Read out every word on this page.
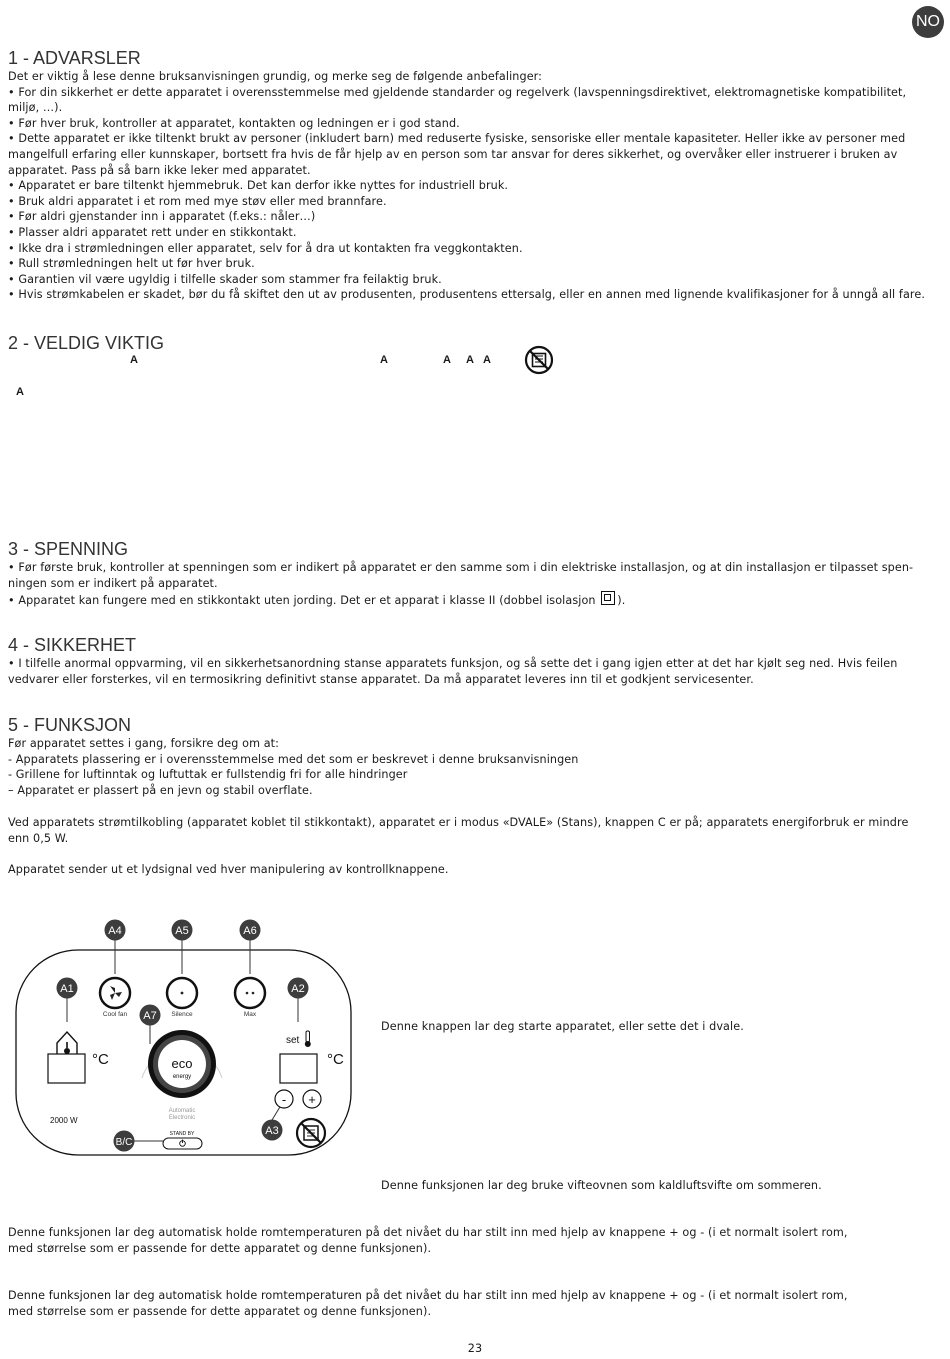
NO
1 - ADVARSLER
Det er viktig å lese denne bruksanvisningen grundig, og merke seg de følgende anbefalinger:
• For din sikkerhet er dette apparatet i overensstemmelse med gjeldende standarder og regelverk (lavspenningsdirektivet, elektromagnetiske kompatibilitet,
miljø, …).
• Før hver bruk, kontroller at apparatet, kontakten og ledningen er i god stand.
• Dette apparatet er ikke tiltenkt brukt av personer (inkludert barn) med reduserte fysiske, sensoriske eller mentale kapasiteter. Heller ikke av personer med
mangelfull erfaring eller kunnskaper, bortsett fra hvis de får hjelp av en person som tar ansvar for deres sikkerhet, og overvåker eller instruerer i bruken av
apparatet. Pass på så barn ikke leker med apparatet.
• Apparatet er bare tiltenkt hjemmebruk. Det kan derfor ikke nyttes for industriell bruk.
• Bruk aldri apparatet i et rom med mye støv eller med brannfare.
• Før aldri gjenstander inn i apparatet (f.eks.: nåler…)
• Plasser aldri apparatet rett under en stikkontakt.
• Ikke dra i strømledningen eller apparatet, selv for å dra ut kontakten fra veggkontakten.
• Rull strømledningen helt ut før hver bruk.
• Garantien vil være ugyldig i tilfelle skader som stammer fra feilaktig bruk.
• Hvis strømkabelen er skadet, bør du få skiftet den ut av produsenten, produsentens ettersalg, eller en annen med lignende kvalifikasjoner for å unngå all fare.
2 - VELDIG VIKTIG
A	A	A A A
A
3 - SPENNING
• Før første bruk, kontroller at spenningen som er indikert på apparatet er den samme som i din elektriske installasjon, og at din installasjon er tilpasset spen-
ningen som er indikert på apparatet.
• Apparatet kan fungere med en stikkontakt uten jording. Det er et apparat i klasse II (dobbel isolasjon
).
4 - SIKKERHET
• I tilfelle anormal oppvarming, vil en sikkerhetsanordning stanse apparatets funksjon, og så sette det i gang igjen etter at det har kjølt seg ned. Hvis feilen
vedvarer eller forsterkes, vil en termosikring definitivt stanse apparatet. Da må apparatet leveres inn til et godkjent servicesenter.
5 - FUNKSJON
Før apparatet settes i gang, forsikre deg om at:
- Apparatets plassering er i overensstemmelse med det som er beskrevet i denne bruksanvisningen
- Grillene for luftinntak og luftuttak er fullstendig fri for alle hindringer
– Apparatet er plassert på en jevn og stabil overflate.
Ved apparatets strømtilkobling (apparatet koblet til stikkontakt), apparatet er i modus «DVALE» (Stans), knappen C er på; apparatets energiforbruk er mindre
enn 0,5 W.
Apparatet sender ut et lydsignal ved hver manipulering av kontrollknappene.
Cool fan	Silence	Max
°C	eco
energy
Automatic
Electronic
set
°C
- +
2000 W
STAND BY
A4	A5	A6
A1	A2
A7
A3
B/C
Denne knappen lar deg starte apparatet, eller sette det i dvale.
Denne funksjonen lar deg bruke vifteovnen som kaldluftsvifte om sommeren.
Denne funksjonen lar deg automatisk holde romtemperaturen på det nivået du har stilt inn med hjelp av knappene + og - (i et normalt isolert rom,
med størrelse som er passende for dette apparatet og denne funksjonen).
Denne funksjonen lar deg automatisk holde romtemperaturen på det nivået du har stilt inn med hjelp av knappene + og - (i et normalt isolert rom,
med størrelse som er passende for dette apparatet og denne funksjonen).
23
